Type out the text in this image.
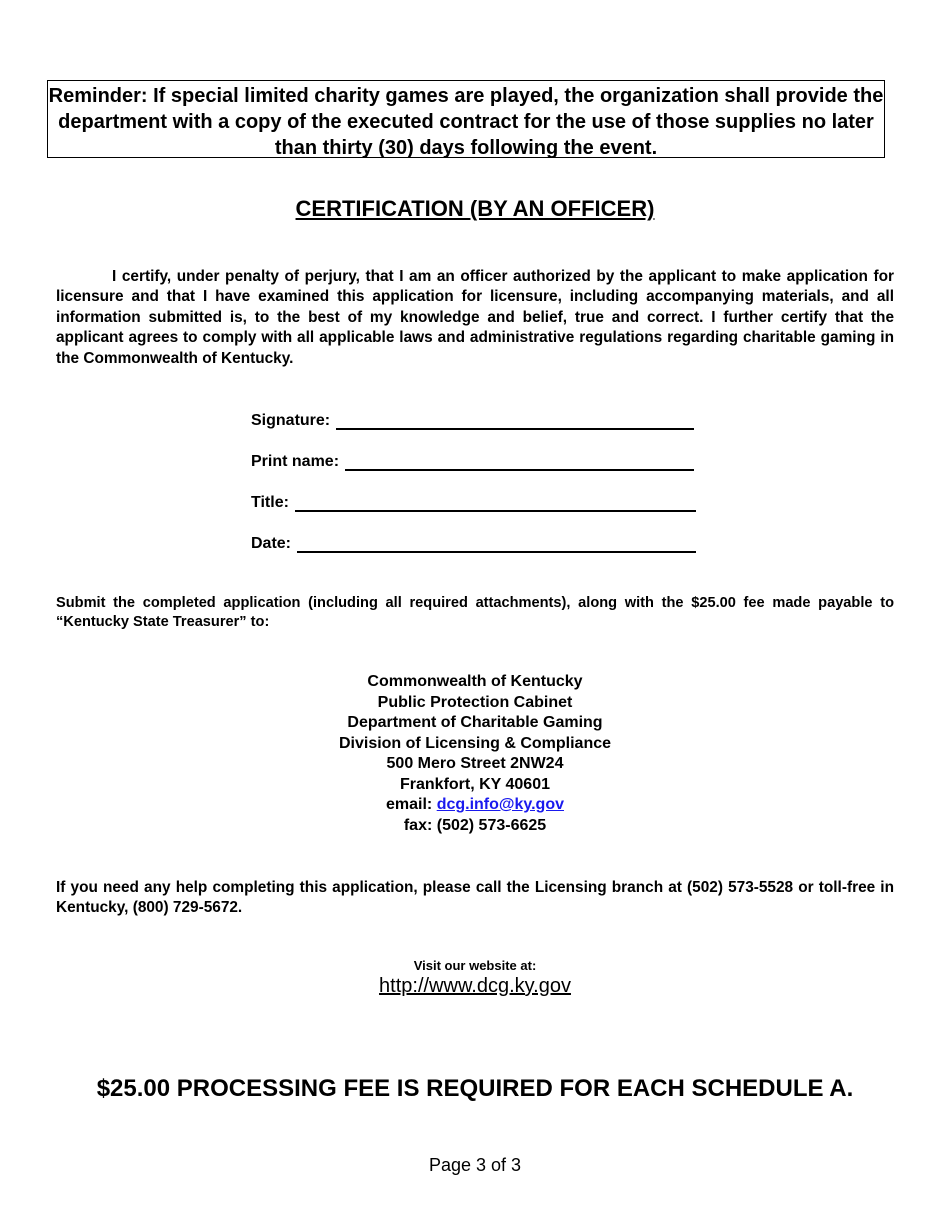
Reminder: If special limited charity games are played, the organization shall provide the department with a copy of the executed contract for the use of those supplies no later than thirty (30) days following the event.
CERTIFICATION (BY AN OFFICER)
I certify, under penalty of perjury, that I am an officer authorized by the applicant to make application for licensure and that I have examined this application for licensure, including accompanying materials, and all information submitted is, to the best of my knowledge and belief, true and correct. I further certify that the applicant agrees to comply with all applicable laws and administrative regulations regarding charitable gaming in the Commonwealth of Kentucky.
Signature:
Print name:
Title:
Date:
Submit the completed application (including all required attachments), along with the $25.00 fee made payable to “Kentucky State Treasurer” to:
Commonwealth of Kentucky
Public Protection Cabinet
Department of Charitable Gaming
Division of Licensing & Compliance
500 Mero Street 2NW24
Frankfort, KY 40601
email: dcg.info@ky.gov
fax: (502) 573-6625
If you need any help completing this application, please call the Licensing branch at (502) 573-5528 or toll-free in Kentucky, (800) 729-5672.
Visit our website at:
http://www.dcg.ky.gov
$25.00 PROCESSING FEE IS REQUIRED FOR EACH SCHEDULE A.
Page 3 of 3
